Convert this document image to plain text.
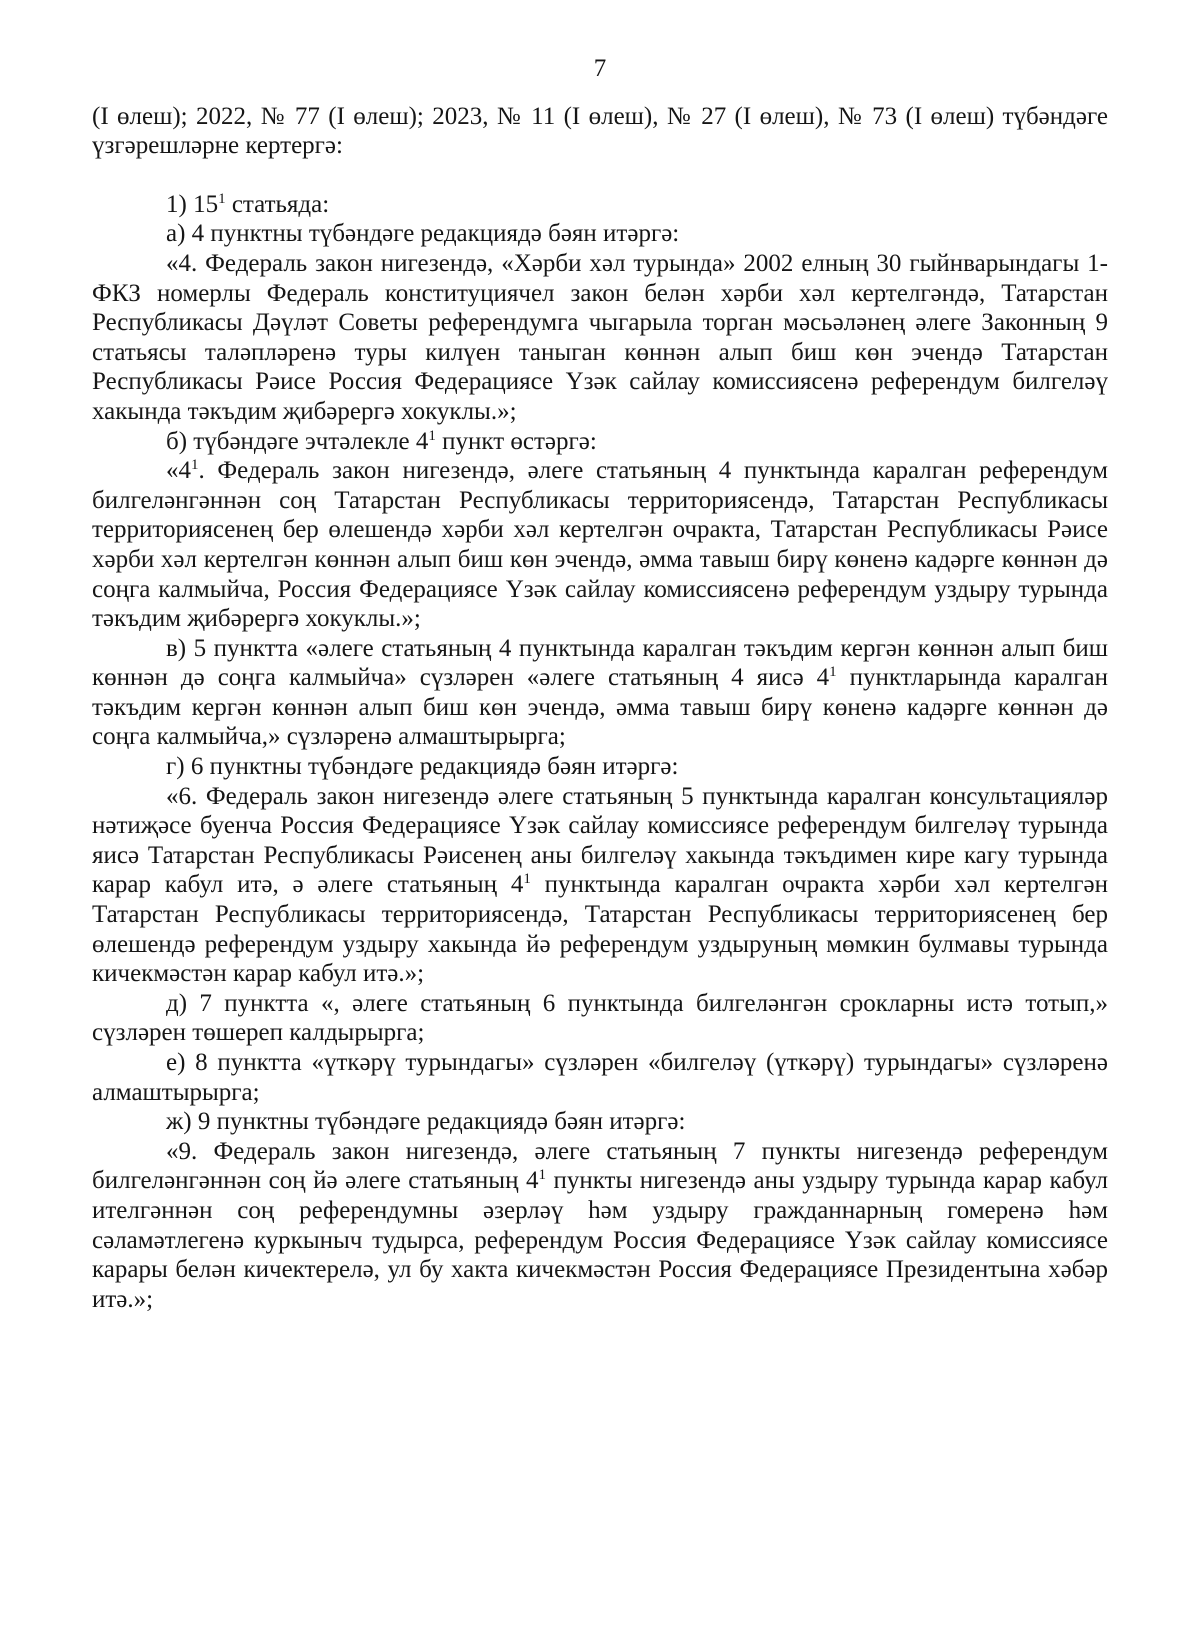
7

(I өлеш); 2022, № 77 (I өлеш); 2023, № 11 (I өлеш), № 27 (I өлеш), № 73 (I өлеш) түбәндәге үзгәрешләрне кертергә:

1) $15^1$ статьяда:

а) 4 пунктны түбәндәге редакциядә бәян итәргә:

«4. Федераль закон нигезендә, «Хәрби хәл турында» 2002 елның 30 гыйнварындагы 1-ФКЗ номерлы Федераль конституциячел закон белән хәрби хәл кертелгәндә, Татарстан Республикасы Дәүләт Советы референдумга чыгарыла торган мәсьәләнең әлеге Законның 9 статьясы таләпләренә туры килүен таныган көннән алып биш көн эчендә Татарстан Республикасы Рәисе Россия Федерациясе Үзәк сайлау комиссиясенә референдум билгеләү хакында тәкъдим җибәрергә хокуклы.»;

б) түбәндәге эчтәлекле $4^1$ пункт өстәргә:

«$4^1$. Федераль закон нигезендә, әлеге статьяның 4 пунктында каралган референдум билгеләнгәннән соң Татарстан Республикасы территориясендә, Татарстан Республикасы территориясенең бер өлешендә хәрби хәл кертелгән очракта, Татарстан Республикасы Рәисе хәрби хәл кертелгән көннән алып биш көн эчендә, әмма тавыш бирү көненә кадәрге көннән дә соңга калмыйча, Россия Федерациясе Үзәк сайлау комиссиясенә референдум уздыру турында тәкъдим җибәрергә хокуклы.»;

в) 5 пунктта «әлеге статьяның 4 пунктында каралган тәкъдим кергән көннән алып биш көннән дә соңга калмыйча» сүзләрен «әлеге статьяның 4 яисә $4^1$ пунктларында каралган тәкъдим кергән көннән алып биш көн эчендә, әмма тавыш бирү көненә кадәрге көннән дә соңга калмыйча,» сүзләренә алмаштырырга;

г) 6 пунктны түбәндәге редакциядә бәян итәргә:

«6. Федераль закон нигезендә әлеге статьяның 5 пунктында каралган консультацияләр нәтиҗәсе буенча Россия Федерациясе Үзәк сайлау комиссиясе референдум билгеләү турында яисә Татарстан Республикасы Рәисенең аны билгеләү хакында тәкъдимен кире кагу турында карар кабул итә, ә әлеге статьяның $4^1$ пунктында каралган очракта хәрби хәл кертелгән Татарстан Республикасы территориясендә, Татарстан Республикасы территориясенең бер өлешендә референдум уздыру хакында йә референдум уздыруның мөмкин булмавы турында кичекмәстән карар кабул итә.»;

д) 7 пунктта «, әлеге статьяның 6 пунктында билгеләнгән срокларны истә тотып,» сүзләрен төшереп калдырырга;

е) 8 пунктта «үткәрү турындагы» сүзләрен «билгеләү (үткәрү) турындагы» сүзләренә алмаштырырга;

ж) 9 пунктны түбәндәге редакциядә бәян итәргә:

«9. Федераль закон нигезендә, әлеге статьяның 7 пункты нигезендә референдум билгеләнгәннән соң йә әлеге статьяның $4^1$ пункты нигезендә аны уздыру турында карар кабул ителгәннән соң референдумны әзерләү һәм уздыру гражданнарның гомеренә һәм сәламәтлегенә куркыныч тудырса, референдум Россия Федерациясе Үзәк сайлау комиссиясе карары белән кичектерелә, ул бу хакта кичекмәстән Россия Федерациясе Президентына хәбәр итә.»;
